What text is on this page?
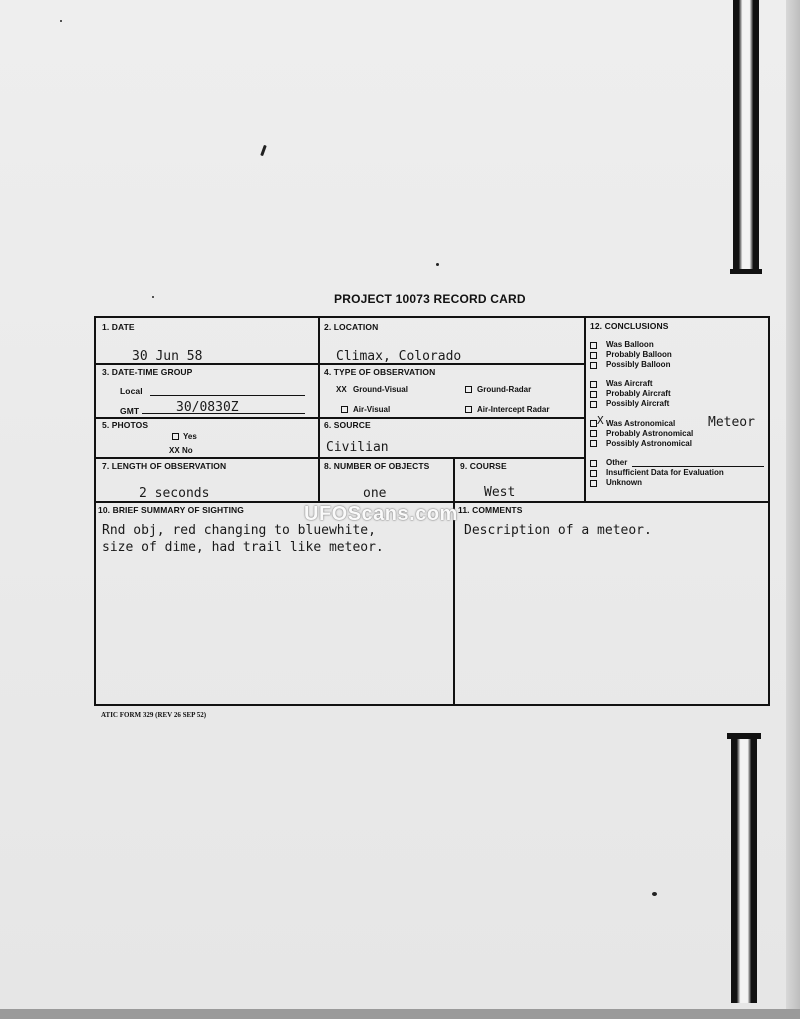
PROJECT 10073 RECORD CARD
1. DATE
30 Jun 58
2. LOCATION
Climax, Colorado
3. DATE-TIME GROUP
Local
GMT	30/0830Z
4. TYPE OF OBSERVATION
XX Ground-Visual	Ground-Radar
Air-Visual	Air-Intercept Radar
5. PHOTOS
Yes
XX No
6. SOURCE
Civilian
7. LENGTH OF OBSERVATION
2 seconds
8. NUMBER OF OBJECTS
one
9. COURSE
West
12. CONCLUSIONS
Was Balloon
Probably Balloon
Possibly Balloon
Was Aircraft
Probably Aircraft
Possibly Aircraft
X Was Astronomical	Meteor
Probably Astronomical
Possibly Astronomical
Other
Insufficient Data for Evaluation
Unknown
10. BRIEF SUMMARY OF SIGHTING
Rnd obj, red changing to bluewhite,
size of dime, had trail like meteor.
11. COMMENTS
Description of a meteor.
UFOScans.com
ATIC FORM 329 (REV 26 SEP 52)
